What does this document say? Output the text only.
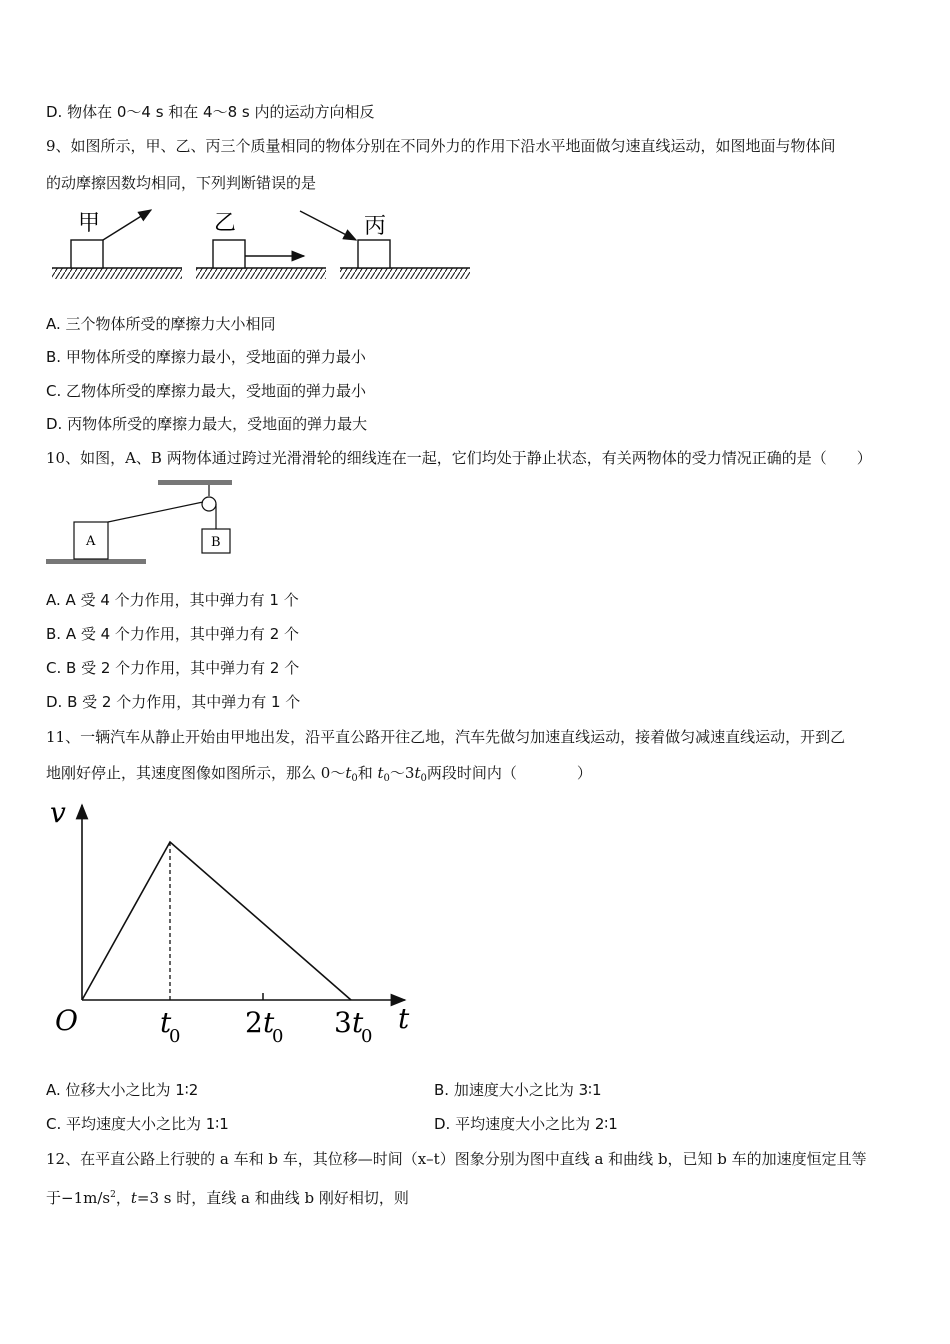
D. 物体在 0～4 s 和在 4～8 s 内的运动方向相反
9、如图所示，甲、乙、丙三个质量相同的物体分别在不同外力的作用下沿水平地面做匀速直线运动，如图地面与物体间
的动摩擦因数均相同，下列判断错误的是
甲	乙	丙
A	B
v
t
O	t
0 2 t
0 3 t
0
A. 三个物体所受的摩擦力大小相同
B. 甲物体所受的摩擦力最小，受地面的弹力最小
C. 乙物体所受的摩擦力最大，受地面的弹力最小
D. 丙物体所受的摩擦力最大，受地面的弹力最大
10、如图，A、B 两物体通过跨过光滑滑轮的细线连在一起，它们均处于静止状态，有关两物体的受力情况正确的是（　　）
A. A 受 4 个力作用，其中弹力有 1 个
B. A 受 4 个力作用，其中弹力有 2 个
C. B 受 2 个力作用，其中弹力有 2 个
D. B 受 2 个力作用，其中弹力有 1 个
11、一辆汽车从静止开始由甲地出发，沿平直公路开往乙地，汽车先做匀加速直线运动，接着做匀减速直线运动，开到乙
地刚好停止，其速度图像如图所示，那么 $0\sim t_0$和 $t_0\sim 3t_0$两段时间内（　　　　）
A. 位移大小之比为 1∶2	B. 加速度大小之比为 3∶1
C. 平均速度大小之比为 1∶1	D. 平均速度大小之比为 2∶1
12、在平直公路上行驶的 a 车和 b 车，其位移—时间（x–t）图象分别为图中直线 a 和曲线 b，已知 b 车的加速度恒定且等
于$-1m/s^2$，t=3 s 时，直线 a 和曲线 b 刚好相切，则
